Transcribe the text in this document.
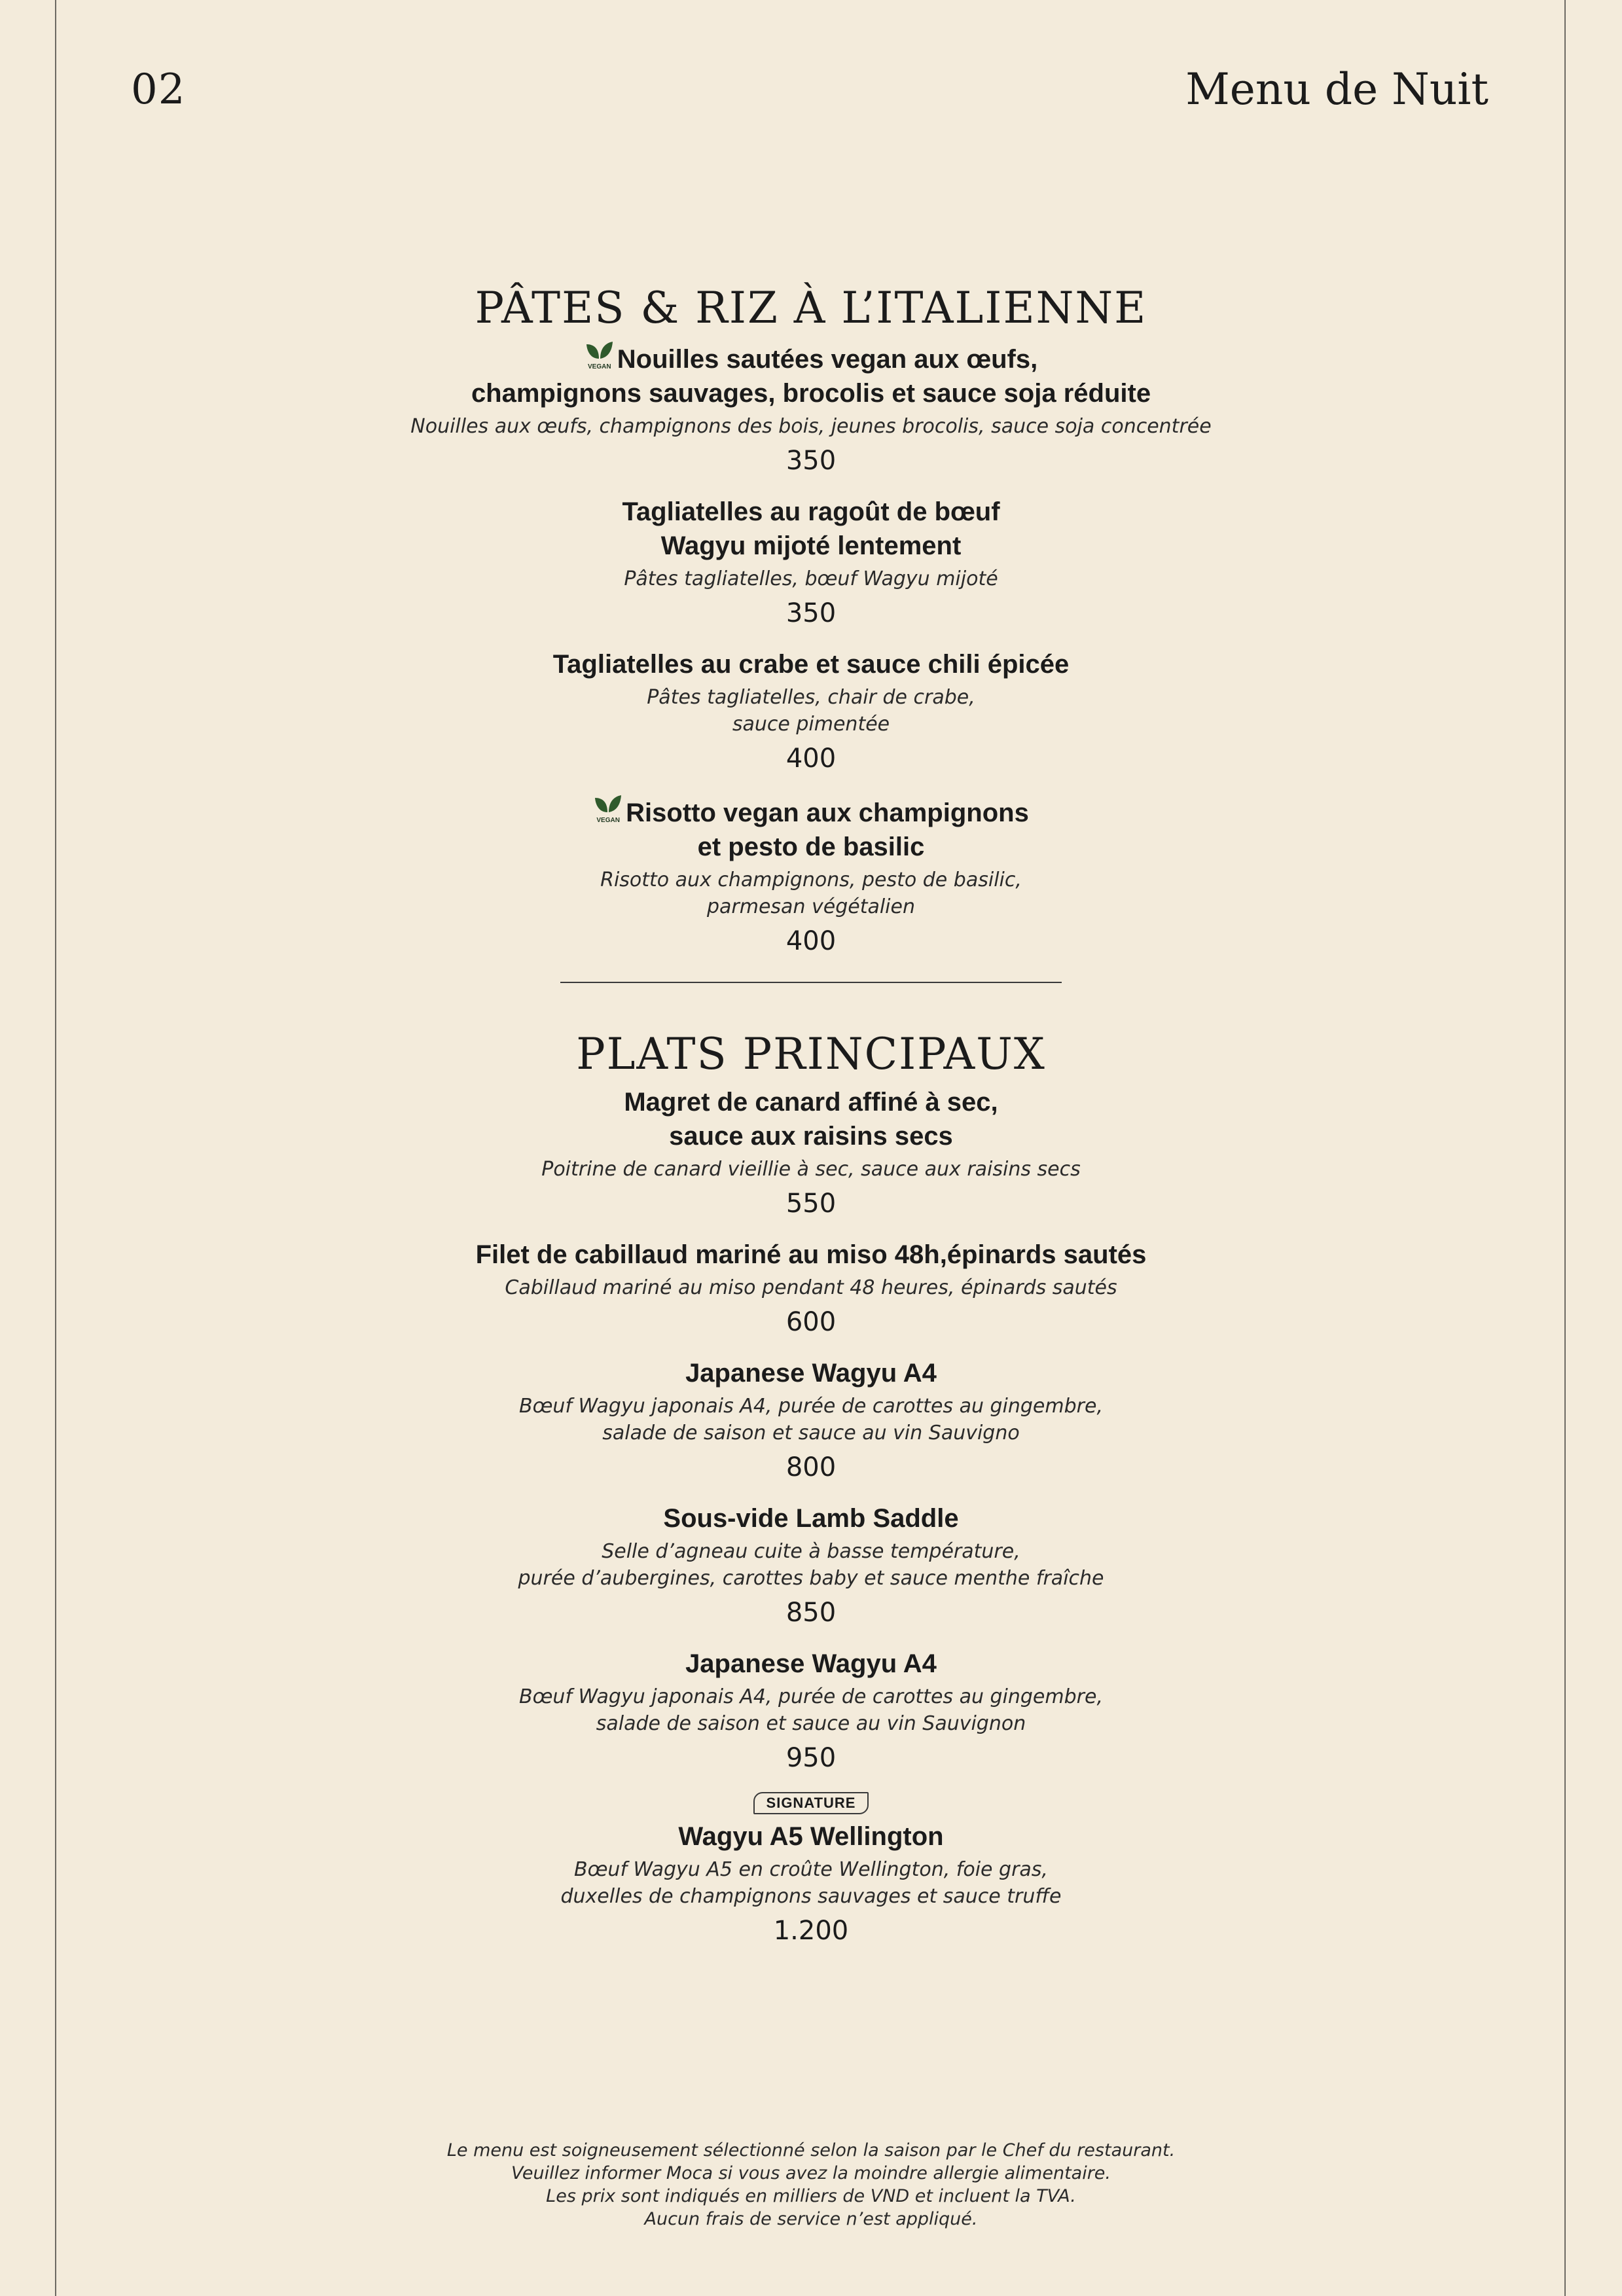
02	Menu de Nuit
PÂTES & RIZ À L’ITALIENNE
VEGAN Nouilles sautées vegan aux œufs,
champignons sauvages, brocolis et sauce soja réduite
Nouilles aux œufs, champignons des bois, jeunes brocolis, sauce soja concentrée
350
Tagliatelles au ragoût de bœuf
Wagyu mijoté lentement
Pâtes tagliatelles, bœuf Wagyu mijoté
350
Tagliatelles au crabe et sauce chili épicée
Pâtes tagliatelles, chair de crabe,
sauce pimentée
400
VEGAN Risotto vegan aux champignons
et pesto de basilic
Risotto aux champignons, pesto de basilic,
parmesan végétalien
400
PLATS PRINCIPAUX
Magret de canard affiné à sec,
sauce aux raisins secs
Poitrine de canard vieillie à sec, sauce aux raisins secs
550
Filet de cabillaud mariné au miso 48h,épinards sautés
Cabillaud mariné au miso pendant 48 heures, épinards sautés
600
Japanese Wagyu A4
Bœuf Wagyu japonais A4, purée de carottes au gingembre,
salade de saison et sauce au vin Sauvigno
800
Sous-vide Lamb Saddle
Selle d’agneau cuite à basse température,
purée d’aubergines, carottes baby et sauce menthe fraîche
850
Japanese Wagyu A4
Bœuf Wagyu japonais A4, purée de carottes au gingembre,
salade de saison et sauce au vin Sauvignon
950
SIGNATURE
Wagyu A5 Wellington
Bœuf Wagyu A5 en croûte Wellington, foie gras,
duxelles de champignons sauvages et sauce truffe
1.200
Le menu est soigneusement sélectionné selon la saison par le Chef du restaurant.
Veuillez informer Moca si vous avez la moindre allergie alimentaire.
Les prix sont indiqués en milliers de VND et incluent la TVA.
Aucun frais de service n’est appliqué.
